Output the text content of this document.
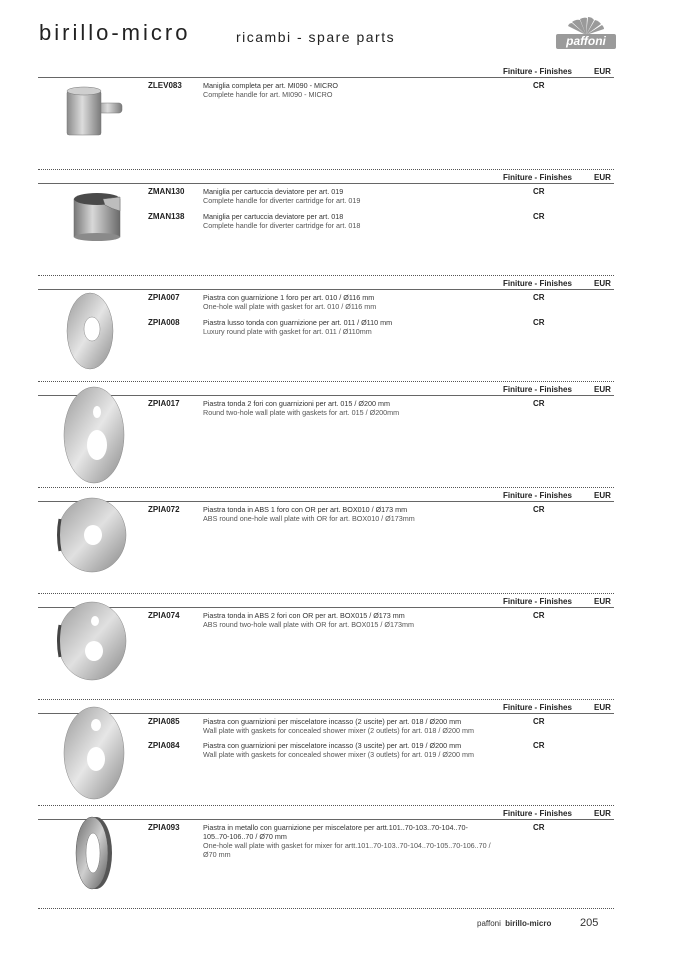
birillo-micro	ricambi - spare parts	paffoni
Finiture - Finishes	EUR
ZLEV083	Maniglia completa per art. MI090 - MICRO
Complete handle for art. MI090 - MICRO
CR
Finiture - Finishes	EUR
ZMAN130	Maniglia per cartuccia deviatore per art. 019
Complete handle for diverter cartridge for art. 019
CR
ZMAN138	Maniglia per cartuccia deviatore per art. 018
Complete handle for diverter cartridge for art. 018
CR
Finiture - Finishes	EUR
ZPIA007	Piastra con guarnizione 1 foro per art. 010 / Ø116 mm
One-hole wall plate with gasket for art. 010 / Ø116 mm
CR
ZPIA008	Piastra lusso tonda con guarnizione per art. 011 / Ø110 mm
Luxury round plate with gasket for art. 011 / Ø110mm
CR
Finiture - Finishes	EUR
ZPIA017	Piastra tonda 2 fori con guarnizioni per art. 015 / Ø200 mm
Round two-hole wall plate with gaskets for art. 015 / Ø200mm
CR
Finiture - Finishes	EUR
ZPIA072	Piastra tonda in ABS 1 foro con OR per art. BOX010 / Ø173 mm
ABS round one-hole wall plate with OR for art. BOX010 / Ø173mm
CR
Finiture - Finishes	EUR
ZPIA074	Piastra tonda in ABS 2 fori con OR per art. BOX015 / Ø173 mm
ABS round two-hole wall plate with OR for art. BOX015 / Ø173mm
CR
Finiture - Finishes	EUR
ZPIA085	Piastra con guarnizioni per miscelatore incasso (2 uscite) per art. 018 / Ø200 mm
Wall plate with gaskets for concealed shower mixer (2 outlets) for art. 018 / Ø200 mm
CR
ZPIA084	Piastra con guarnizioni per miscelatore incasso (3 uscite) per art. 019 / Ø200 mm
Wall plate with gaskets for concealed shower mixer (3 outlets) for art. 019 / Ø200 mm
CR
Finiture - Finishes	EUR
ZPIA093	Piastra in metallo con guarnizione per miscelatore per artt.101..70-103..70-104..70-105..70-106..70 / Ø70 mm
One-hole wall plate with gasket for mixer for artt.101..70-103..70-104..70-105..70-106..70 / Ø70 mm
CR
paffoni birillo-micro	205
